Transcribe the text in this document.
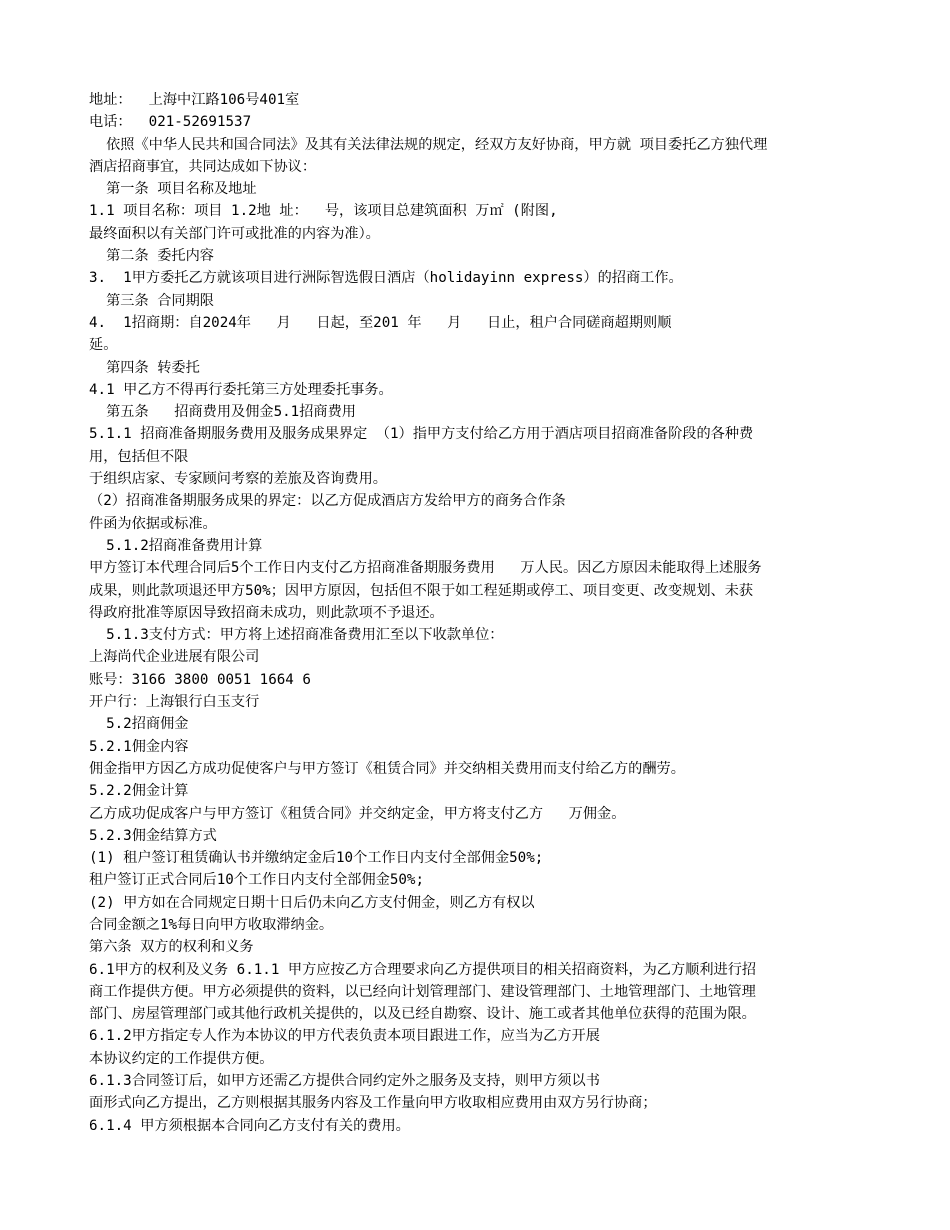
地址：  上海中江路106号401室
电话：  021-52691537
依照《中华人民共和国合同法》及其有关法律法规的规定，经双方友好协商，甲方就 项目委托乙方独代理
酒店招商事宜，共同达成如下协议：
第一条 项目名称及地址
1.1 项目名称：项目 1.2地 址：  号，该项目总建筑面积 万㎡ (附图,
最终面积以有关部门许可或批准的内容为准）。
第二条 委托内容
3.  1甲方委托乙方就该项目进行洲际智选假日酒店（holidayinn express）的招商工作。
第三条 合同期限
4.  1招商期：自2024年   月   日起，至201 年   月   日止，租户合同磋商超期则顺
延。
第四条 转委托
4.1 甲乙方不得再行委托第三方处理委托事务。
第五条   招商费用及佣金5.1招商费用
5.1.1 招商准备期服务费用及服务成果界定 （1）指甲方支付给乙方用于酒店项目招商准备阶段的各种费
用，包括但不限
于组织店家、专家顾问考察的差旅及咨询费用。
（2）招商准备期服务成果的界定：以乙方促成酒店方发给甲方的商务合作条
件函为依据或标准。
5.1.2招商准备费用计算
甲方签订本代理合同后5个工作日内支付乙方招商准备期服务费用   万人民。因乙方原因未能取得上述服务
成果，则此款项退还甲方50%；因甲方原因，包括但不限于如工程延期或停工、项目变更、改变规划、未获
得政府批准等原因导致招商未成功，则此款项不予退还。
5.1.3支付方式：甲方将上述招商准备费用汇至以下收款单位：
上海尚代企业进展有限公司
账号：3166 3800 0051 1664 6
开户行：上海银行白玉支行
5.2招商佣金
5.2.1佣金内容
佣金指甲方因乙方成功促使客户与甲方签订《租赁合同》并交纳相关费用而支付给乙方的酬劳。
5.2.2佣金计算
乙方成功促成客户与甲方签订《租赁合同》并交纳定金，甲方将支付乙方   万佣金。
5.2.3佣金结算方式
(1) 租户签订租赁确认书并缴纳定金后10个工作日内支付全部佣金50%;
租户签订正式合同后10个工作日内支付全部佣金50%;
(2) 甲方如在合同规定日期十日后仍未向乙方支付佣金，则乙方有权以
合同金额之1%每日向甲方收取滞纳金。
第六条 双方的权利和义务
6.1甲方的权利及义务 6.1.1 甲方应按乙方合理要求向乙方提供项目的相关招商资料，为乙方顺利进行招
商工作提供方便。甲方必须提供的资料，以已经向计划管理部门、建设管理部门、土地管理部门、土地管理
部门、房屋管理部门或其他行政机关提供的，以及已经自勘察、设计、施工或者其他单位获得的范围为限。
6.1.2甲方指定专人作为本协议的甲方代表负责本项目跟进工作，应当为乙方开展
本协议约定的工作提供方便。
6.1.3合同签订后，如甲方还需乙方提供合同约定外之服务及支持，则甲方须以书
面形式向乙方提出，乙方则根据其服务内容及工作量向甲方收取相应费用由双方另行协商；
6.1.4 甲方须根据本合同向乙方支付有关的费用。
